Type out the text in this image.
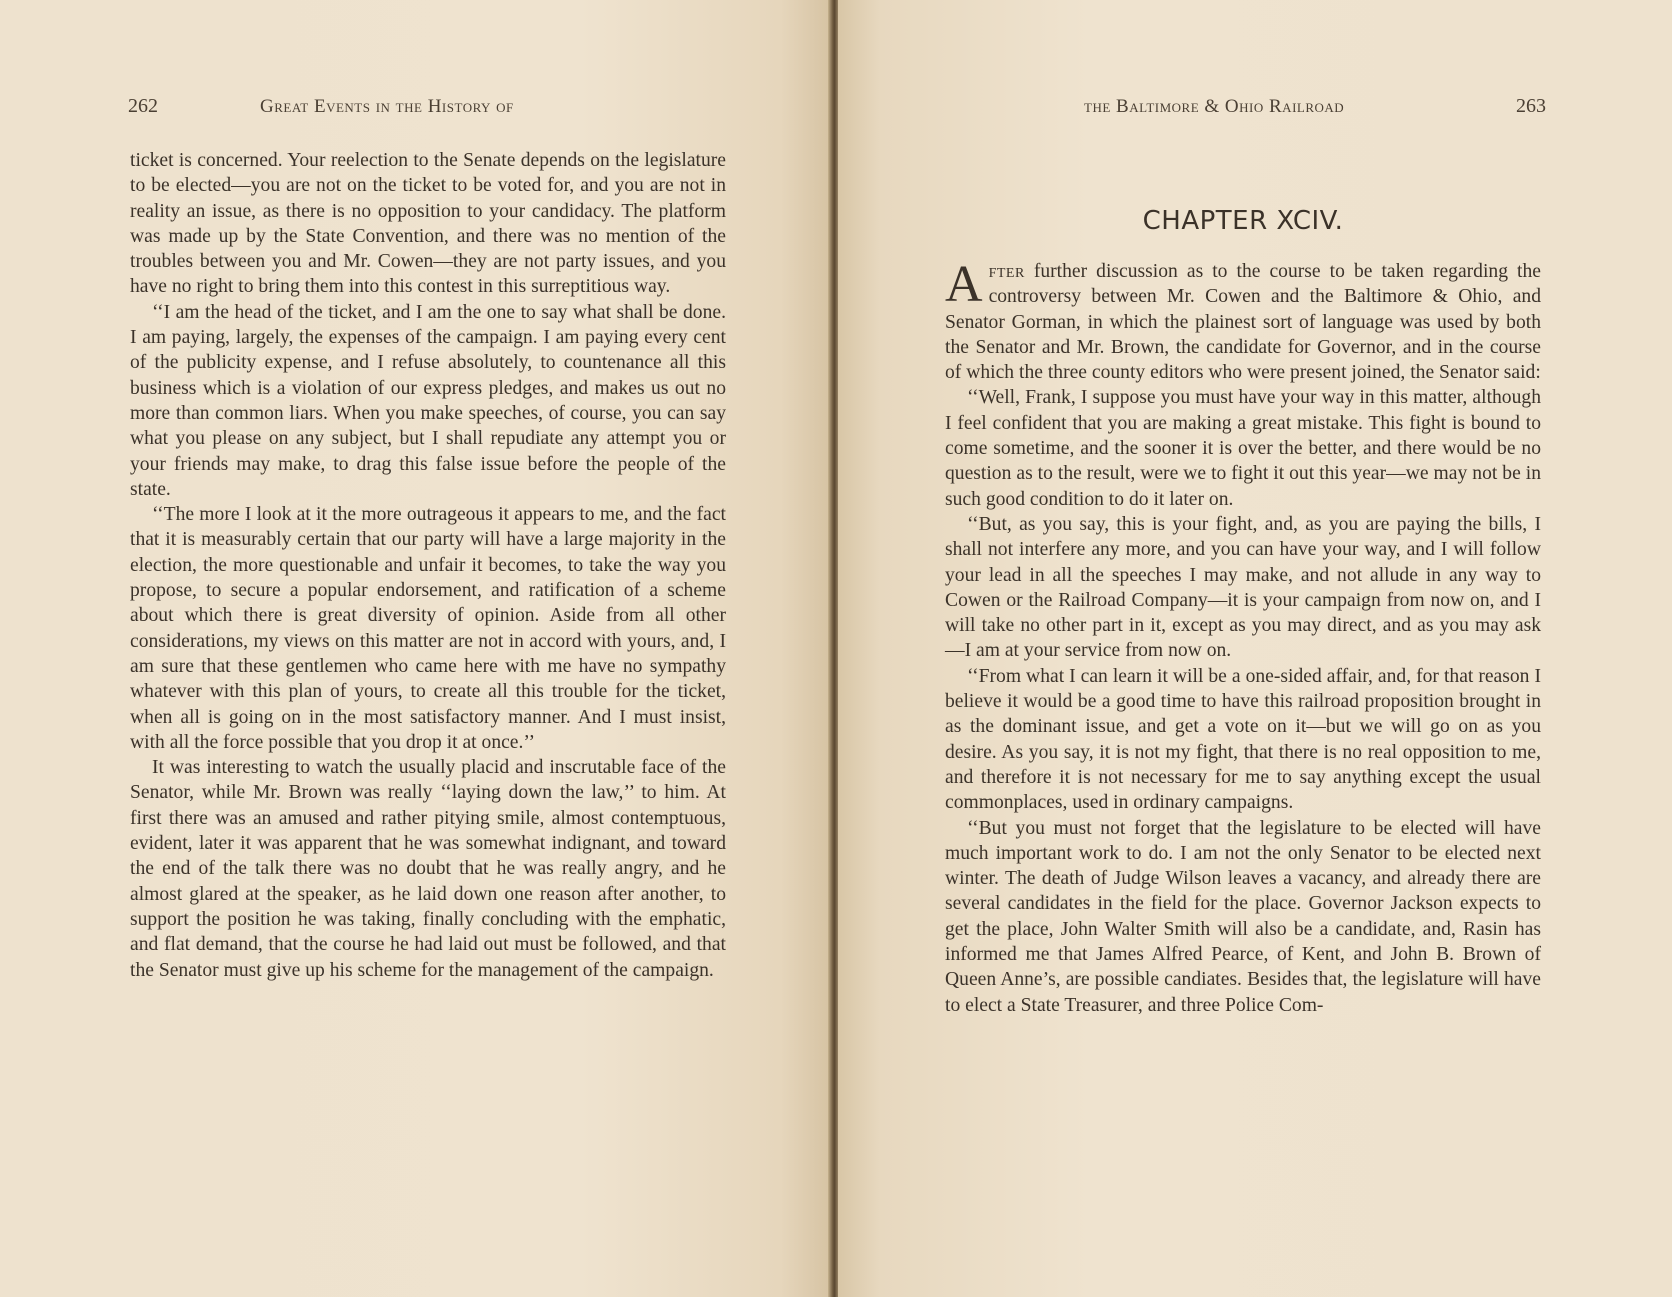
262	Great Events in the History of

ticket is concerned. Your reelection to the Senate depends on the legislature to be elected—you are not on the ticket to be voted for, and you are not in reality an issue, as there is no opposition to your candidacy. The platform was made up by the State Convention, and there was no mention of the troubles between you and Mr. Cowen—they are not party issues, and you have no right to bring them into this contest in this surreptitious way.

‘‘I am the head of the ticket, and I am the one to say what shall be done. I am paying, largely, the expenses of the campaign. I am paying every cent of the publicity expense, and I refuse absolutely, to countenance all this business which is a violation of our express pledges, and makes us out no more than common liars. When you make speeches, of course, you can say what you please on any subject, but I shall repudiate any attempt you or your friends may make, to drag this false issue before the people of the state.

‘‘The more I look at it the more outrageous it appears to me, and the fact that it is measurably certain that our party will have a large majority in the election, the more questionable and unfair it becomes, to take the way you propose, to secure a popular endorsement, and ratification of a scheme about which there is great diversity of opinion. Aside from all other considerations, my views on this matter are not in accord with yours, and, I am sure that these gentlemen who came here with me have no sympathy whatever with this plan of yours, to create all this trouble for the ticket, when all is going on in the most satisfactory manner. And I must insist, with all the force possible that you drop it at once.’’

It was interesting to watch the usually placid and inscrutable face of the Senator, while Mr. Brown was really ‘‘laying down the law,’’ to him. At first there was an amused and rather pitying smile, almost contemptuous, evident, later it was apparent that he was somewhat indignant, and toward the end of the talk there was no doubt that he was really angry, and he almost glared at the speaker, as he laid down one reason after another, to support the position he was taking, finally concluding with the emphatic, and flat demand, that the course he had laid out must be followed, and that the Senator must give up his scheme for the management of the campaign.

the Baltimore & Ohio Railroad	263
CHAPTER XCIV.

After further discussion as to the course to be taken regarding the controversy between Mr. Cowen and the Baltimore & Ohio, and Senator Gorman, in which the plainest sort of language was used by both the Senator and Mr. Brown, the candidate for Governor, and in the course of which the three county editors who were present joined, the Senator said:

‘‘Well, Frank, I suppose you must have your way in this matter, although I feel confident that you are making a great mistake. This fight is bound to come sometime, and the sooner it is over the better, and there would be no question as to the result, were we to fight it out this year—we may not be in such good condition to do it later on.

‘‘But, as you say, this is your fight, and, as you are paying the bills, I shall not interfere any more, and you can have your way, and I will follow your lead in all the speeches I may make, and not allude in any way to Cowen or the Railroad Company—it is your campaign from now on, and I will take no other part in it, except as you may direct, and as you may ask—I am at your service from now on.

‘‘From what I can learn it will be a one-sided affair, and, for that reason I believe it would be a good time to have this railroad proposition brought in as the dominant issue, and get a vote on it—but we will go on as you desire. As you say, it is not my fight, that there is no real opposition to me, and therefore it is not necessary for me to say anything except the usual commonplaces, used in ordinary campaigns.

‘‘But you must not forget that the legislature to be elected will have much important work to do. I am not the only Senator to be elected next winter. The death of Judge Wilson leaves a vacancy, and already there are several candidates in the field for the place. Governor Jackson expects to get the place, John Walter Smith will also be a candidate, and, Rasin has informed me that James Alfred Pearce, of Kent, and John B. Brown of Queen Anne’s, are possible candiates. Besides that, the legislature will have to elect a State Treasurer, and three Police Com-
